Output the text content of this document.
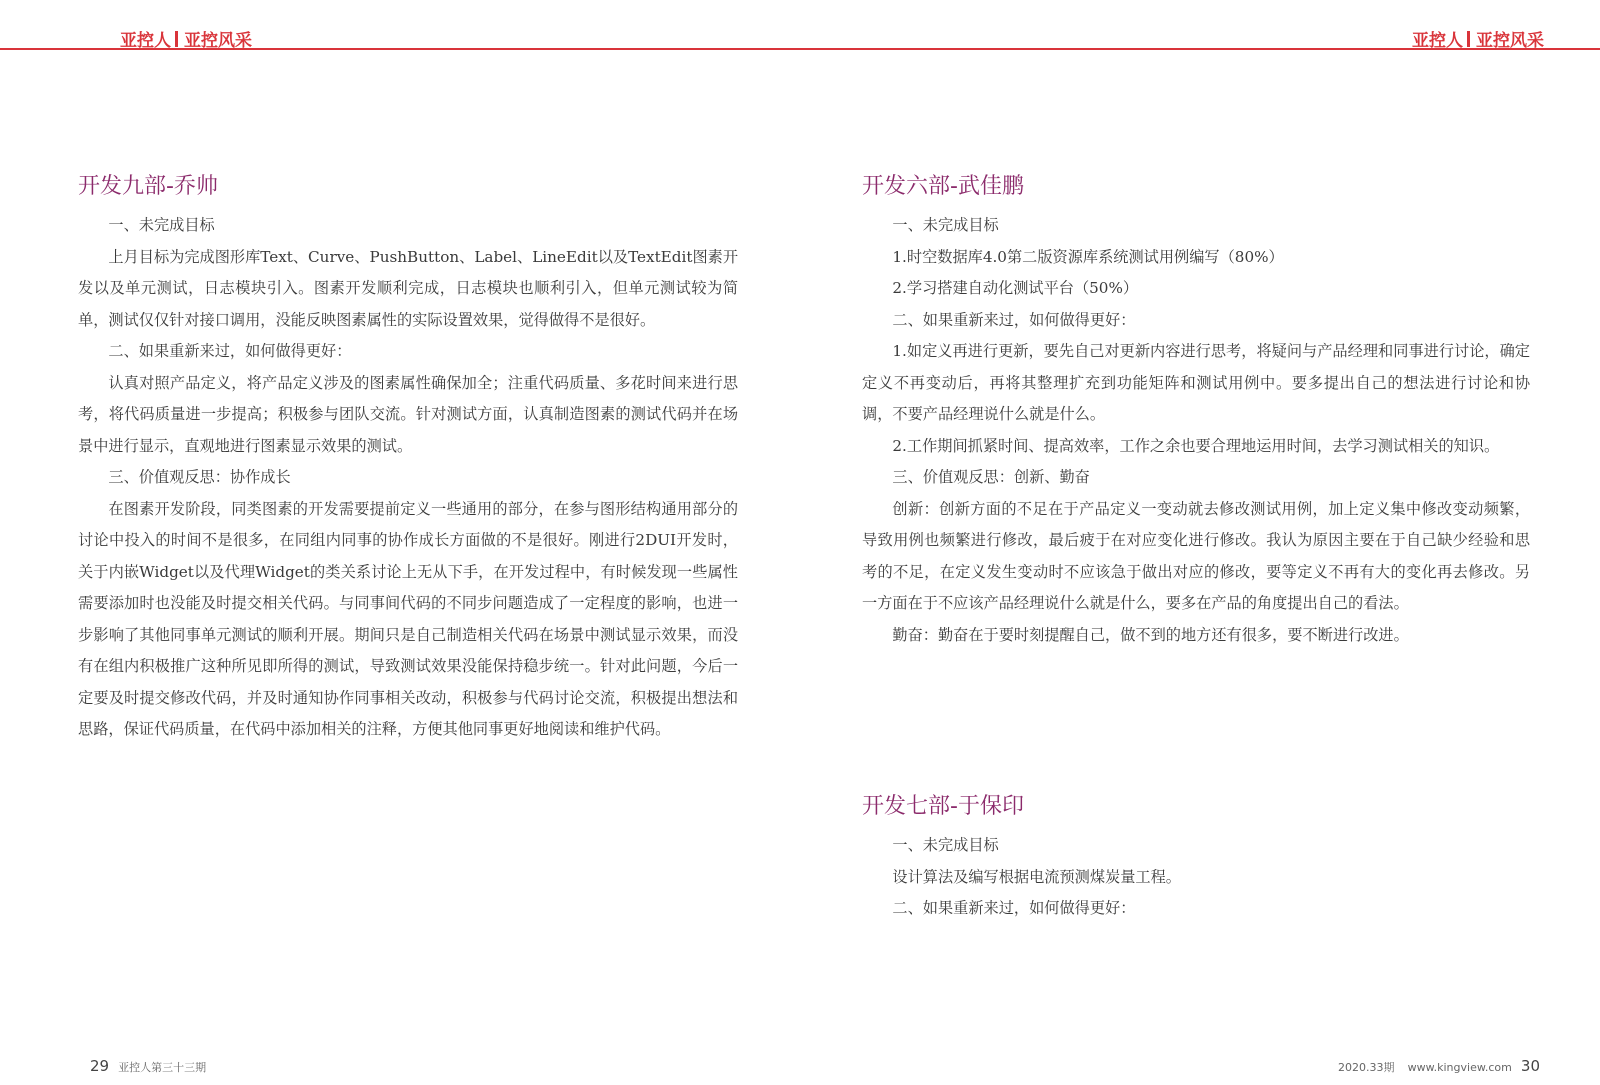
亚控人 亚控风采	亚控人 亚控风采
开发九部-乔帅

一、未完成目标

上月目标为完成图形库Text、Curve、PushButton、Label、LineEdit以及TextEdit图素开发以及单元测试，日志模块引入。图素开发顺利完成，日志模块也顺利引入，但单元测试较为简单，测试仅仅针对接口调用，没能反映图素属性的实际设置效果，觉得做得不是很好。

二、如果重新来过，如何做得更好：

认真对照产品定义，将产品定义涉及的图素属性确保加全；注重代码质量、多花时间来进行思考，将代码质量进一步提高；积极参与团队交流。针对测试方面，认真制造图素的测试代码并在场景中进行显示，直观地进行图素显示效果的测试。

三、价值观反思：协作成长

在图素开发阶段，同类图素的开发需要提前定义一些通用的部分，在参与图形结构通用部分的讨论中投入的时间不是很多，在同组内同事的协作成长方面做的不是很好。刚进行2DUI开发时，关于内嵌Widget以及代理Widget的类关系讨论上无从下手，在开发过程中，有时候发现一些属性需要添加时也没能及时提交相关代码。与同事间代码的不同步问题造成了一定程度的影响，也进一步影响了其他同事单元测试的顺利开展。期间只是自己制造相关代码在场景中测试显示效果，而没有在组内积极推广这种所见即所得的测试，导致测试效果没能保持稳步统一。针对此问题，今后一定要及时提交修改代码，并及时通知协作同事相关改动，积极参与代码讨论交流，积极提出想法和思路，保证代码质量，在代码中添加相关的注释，方便其他同事更好地阅读和维护代码。

开发六部-武佳鹏

一、未完成目标

1.时空数据库4.0第二版资源库系统测试用例编写（80%）

2.学习搭建自动化测试平台（50%）

二、如果重新来过，如何做得更好：

1.如定义再进行更新，要先自己对更新内容进行思考，将疑问与产品经理和同事进行讨论，确定定义不再变动后，再将其整理扩充到功能矩阵和测试用例中。要多提出自己的想法进行讨论和协调，不要产品经理说什么就是什么。

2.工作期间抓紧时间、提高效率，工作之余也要合理地运用时间，去学习测试相关的知识。

三、价值观反思：创新、勤奋

创新：创新方面的不足在于产品定义一变动就去修改测试用例，加上定义集中修改变动频繁，导致用例也频繁进行修改，最后疲于在对应变化进行修改。我认为原因主要在于自己缺少经验和思考的不足，在定义发生变动时不应该急于做出对应的修改，要等定义不再有大的变化再去修改。另一方面在于不应该产品经理说什么就是什么，要多在产品的角度提出自己的看法。

勤奋：勤奋在于要时刻提醒自己，做不到的地方还有很多，要不断进行改进。

开发七部-于保印

一、未完成目标

设计算法及编写根据电流预测煤炭量工程。

二、如果重新来过，如何做得更好：

29 亚控人第三十三期	2020.33期 www.kingview.com 30
